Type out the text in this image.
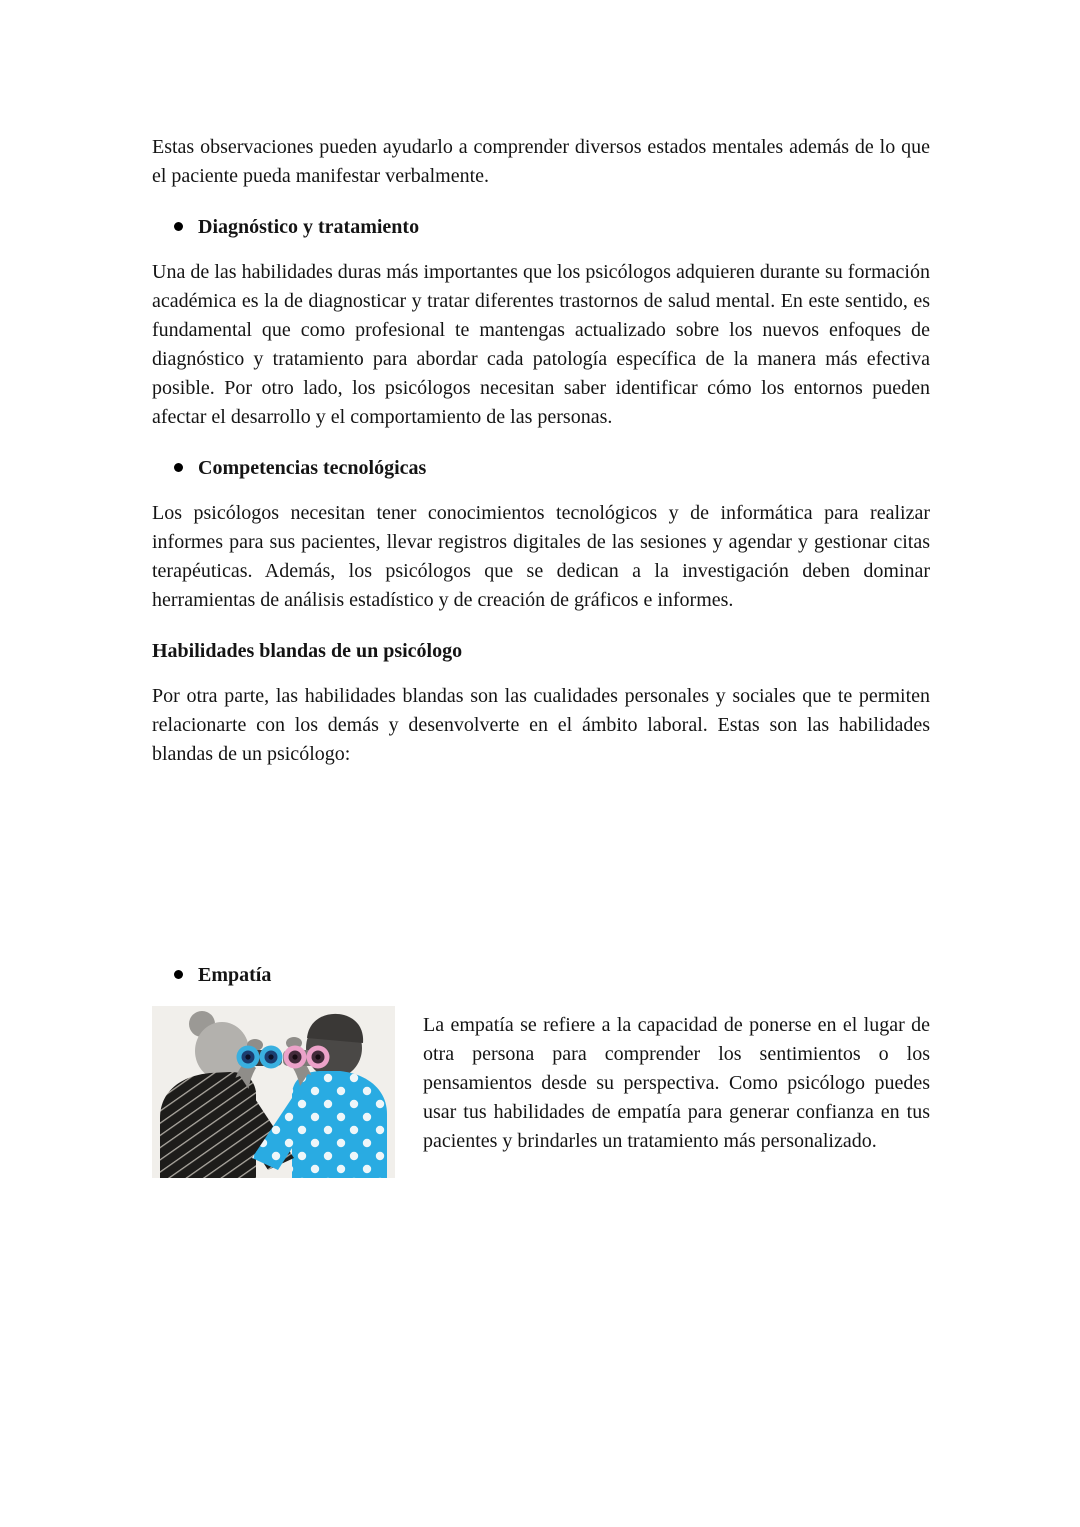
Estas observaciones pueden ayudarlo a comprender diversos estados mentales además de lo que el paciente pueda manifestar verbalmente.

Diagnóstico y tratamiento

Una de las habilidades duras más importantes que los psicólogos adquieren durante su formación académica es la de diagnosticar y tratar diferentes trastornos de salud mental. En este sentido, es fundamental que como profesional te mantengas actualizado sobre los nuevos enfoques de diagnóstico y tratamiento para abordar cada patología específica de la manera más efectiva posible. Por otro lado, los psicólogos necesitan saber identificar cómo los entornos pueden afectar el desarrollo y el comportamiento de las personas.

Competencias tecnológicas

Los psicólogos necesitan tener conocimientos tecnológicos y de informática para realizar informes para sus pacientes, llevar registros digitales de las sesiones y agendar y gestionar citas terapéuticas. Además, los psicólogos que se dedican a la investigación deben dominar herramientas de análisis estadístico y de creación de gráficos e informes.

Habilidades blandas de un psicólogo

Por otra parte, las habilidades blandas son las cualidades personales y sociales que te permiten relacionarte con los demás y desenvolverte en el ámbito laboral. Estas son las habilidades blandas de un psicólogo:

Empatía

La empatía se refiere a la capacidad de ponerse en el lugar de otra persona para comprender los sentimientos o los pensamientos desde su perspectiva. Como psicólogo puedes usar tus habilidades de empatía para generar confianza en tus pacientes y brindarles un tratamiento más personalizado.
